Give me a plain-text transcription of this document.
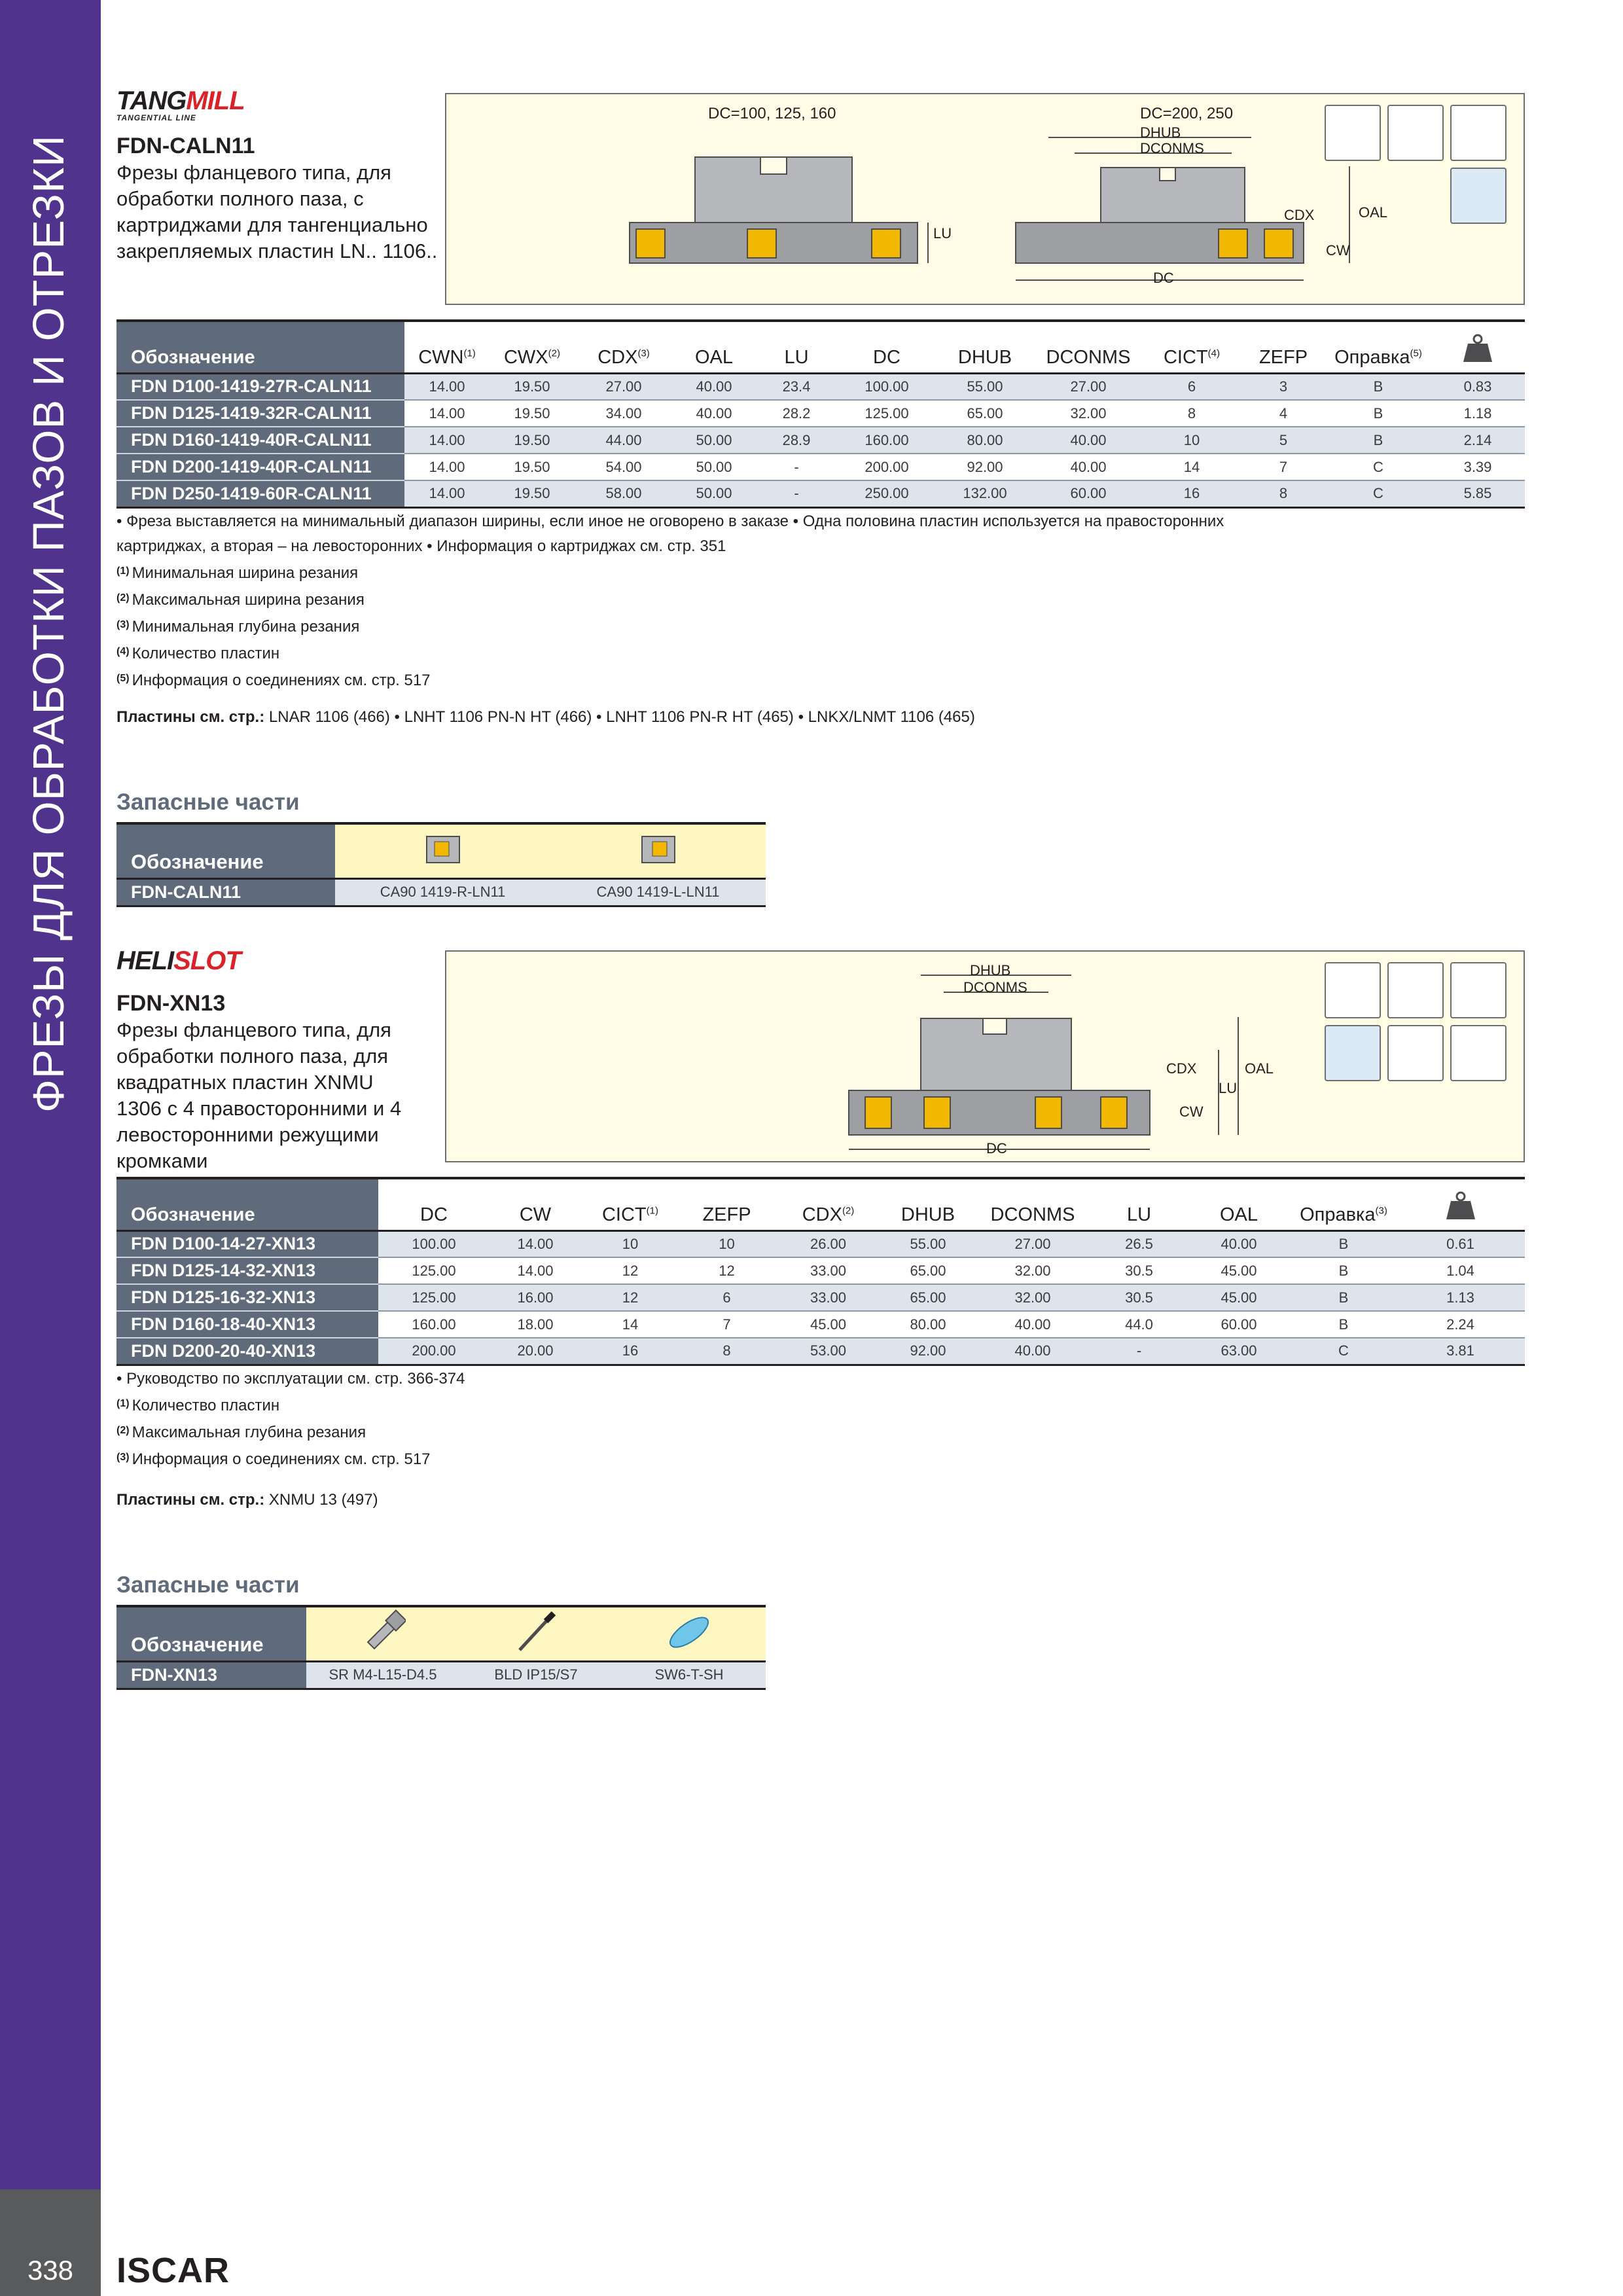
ФРЕЗЫ ДЛЯ ОБРАБОТКИ ПАЗОВ И ОТРЕЗКИ
338	ISCAR
TANGMILL
TANGENTIAL LINE
FDN-CALN11
Фрезы фланцевого типа, для обработки полного паза, с картриджами для тангенциально закрепляемых пластин LN.. 1106..
DC=100, 125, 160	DC=200, 250
DHUB
DCONMS
CDX	OAL
CW
DC
LU
Обозначение	CWN$^{(1)}$	CWX$^{(2)}$	CDX$^{(3)}$	OAL	LU	DC	DHUB	DCONMS	CICT$^{(4)}$	ZEFP	Оправка$^{(5)}$	
FDN D100-1419-27R-CALN11	14.00	19.50	27.00	40.00	23.4	100.00	55.00	27.00	6	3	B	0.83
FDN D125-1419-32R-CALN11	14.00	19.50	34.00	40.00	28.2	125.00	65.00	32.00	8	4	B	1.18
FDN D160-1419-40R-CALN11	14.00	19.50	44.00	50.00	28.9	160.00	80.00	40.00	10	5	B	2.14
FDN D200-1419-40R-CALN11	14.00	19.50	54.00	50.00	-	200.00	92.00	40.00	14	7	C	3.39
FDN D250-1419-60R-CALN11	14.00	19.50	58.00	50.00	-	250.00	132.00	60.00	16	8	C	5.85
• Фреза выставляется на минимальный диапазон ширины, если иное не оговорено в заказе • Одна половина пластин используется на правосторонних
картриджах, а вторая – на левосторонних • Информация о картриджах см. стр. 351
$^{(1)}$ Минимальная ширина резания
$^{(2)}$ Максимальная ширина резания
$^{(3)}$ Минимальная глубина резания
$^{(4)}$ Количество пластин
$^{(5)}$ Информация о соединениях см. стр. 517
Пластины см. стр.: LNAR 1106 (466) • LNHT 1106 PN-N HT (466) • LNHT 1106 PN-R HT (465) • LNKX/LNMT 1106 (465)
Запасные части
Обозначение		
FDN-CALN11	CA90 1419-R-LN11	CA90 1419-L-LN11
HELISLOT
FDN-XN13
Фрезы фланцевого типа, для обработки полного паза, для квадратных пластин XNMU 1306 с 4 правосторонними и 4 левосторонними режущими кромками
DHUB
DCONMS
CDX	OAL
CW
LU
DC
Обозначение	DC	CW	CICT$^{(1)}$	ZEFP	CDX$^{(2)}$	DHUB	DCONMS	LU	OAL	Оправка$^{(3)}$	
FDN D100-14-27-XN13	100.00	14.00	10	10	26.00	55.00	27.00	26.5	40.00	B	0.61
FDN D125-14-32-XN13	125.00	14.00	12	12	33.00	65.00	32.00	30.5	45.00	B	1.04
FDN D125-16-32-XN13	125.00	16.00	12	6	33.00	65.00	32.00	30.5	45.00	B	1.13
FDN D160-18-40-XN13	160.00	18.00	14	7	45.00	80.00	40.00	44.0	60.00	B	2.24
FDN D200-20-40-XN13	200.00	20.00	16	8	53.00	92.00	40.00	-	63.00	C	3.81
• Руководство по эксплуатации см. стр. 366-374
$^{(1)}$ Количество пластин
$^{(2)}$ Максимальная глубина резания
$^{(3)}$ Информация о соединениях см. стр. 517
Пластины см. стр.: XNMU 13 (497)
Запасные части
Обозначение			
FDN-XN13	SR M4-L15-D4.5	BLD IP15/S7	SW6-T-SH
